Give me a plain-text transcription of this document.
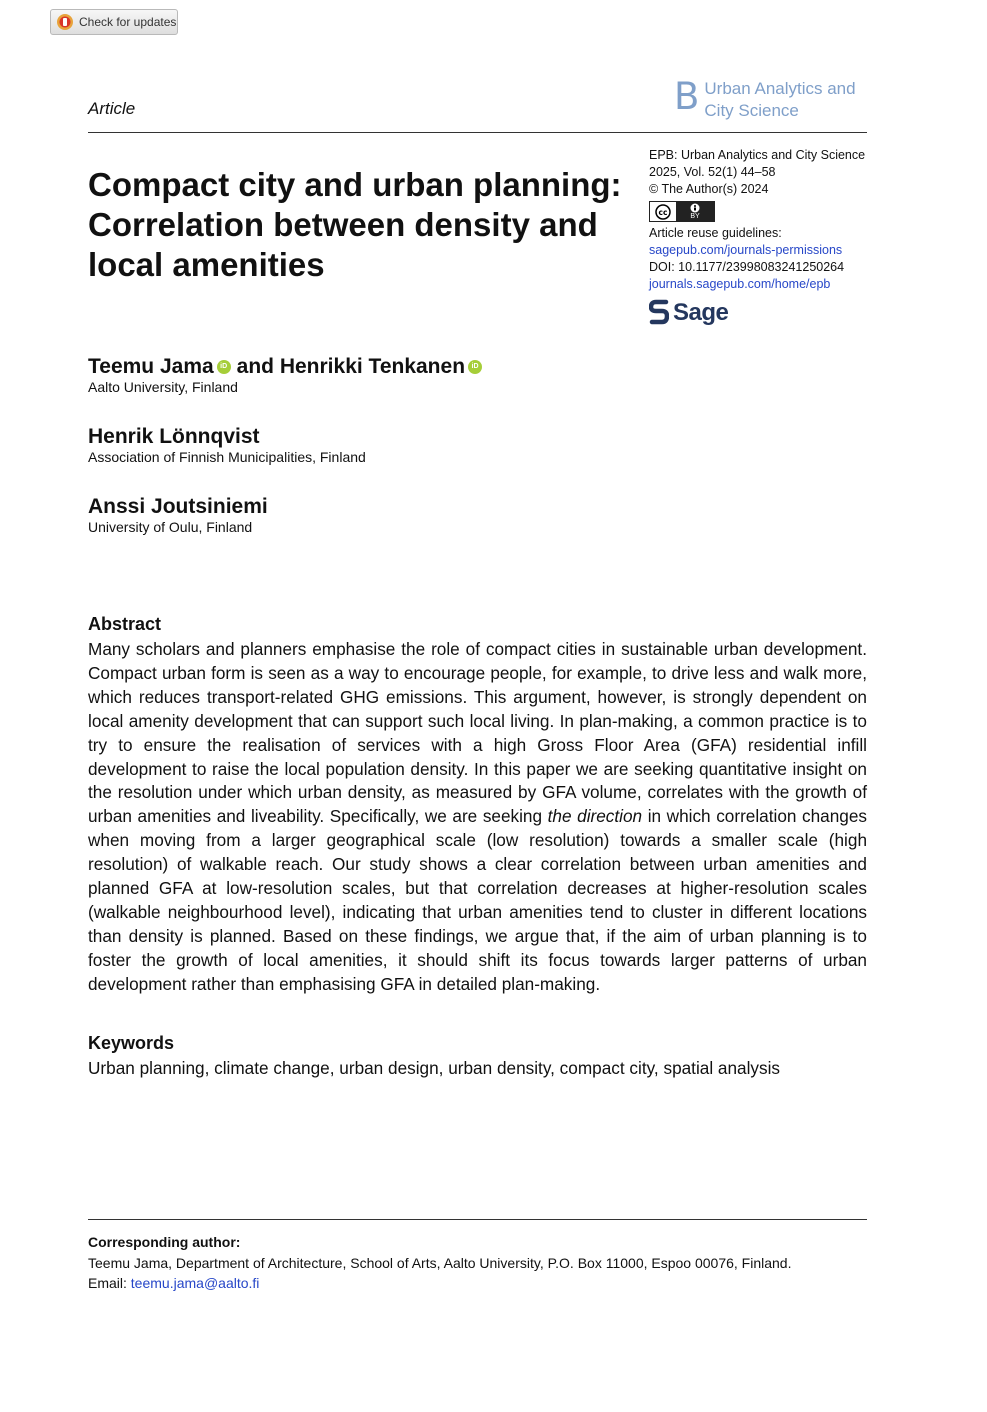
Check for updates
Article	B Urban Analytics and
City Science
Compact city and urban planning: Correlation between density and local amenities
EPB: Urban Analytics and City Science
2025, Vol. 52(1) 44–58
© The Author(s) 2024
cc	BY
Article reuse guidelines:
sagepub.com/journals-permissions
DOI: 10.1177/23998083241250264
journals.sagepub.com/home/epb
Sage
Teemu Jama iD and Henrikki Tenkanen iD
Aalto University, Finland
Henrik Lönnqvist
Association of Finnish Municipalities, Finland
Anssi Joutsiniemi
University of Oulu, Finland
Abstract

Many scholars and planners emphasise the role of compact cities in sustainable urban development. Compact urban form is seen as a way to encourage people, for example, to drive less and walk more, which reduces transport-related GHG emissions. This argument, however, is strongly dependent on local amenity development that can support such local living. In plan-making, a common practice is to try to ensure the realisation of services with a high Gross Floor Area (GFA) residential infill development to raise the local population density. In this paper we are seeking quantitative insight on the resolution under which urban density, as measured by GFA volume, correlates with the growth of urban amenities and liveability. Specifically, we are seeking the direction in which correlation changes when moving from a larger geographical scale (low resolution) towards a smaller scale (high resolution) of walkable reach. Our study shows a clear correlation between urban amenities and planned GFA at low-resolution scales, but that correlation decreases at higher-resolution scales (walkable neighbourhood level), indicating that urban amenities tend to cluster in different locations than density is planned. Based on these findings, we argue that, if the aim of urban planning is to foster the growth of local amenities, it should shift its focus towards larger patterns of urban development rather than emphasising GFA in detailed plan-making.

Keywords
Urban planning, climate change, urban design, urban density, compact city, spatial analysis
Corresponding author:
Teemu Jama, Department of Architecture, School of Arts, Aalto University, P.O. Box 11000, Espoo 00076, Finland.
Email: teemu.jama@aalto.fi
